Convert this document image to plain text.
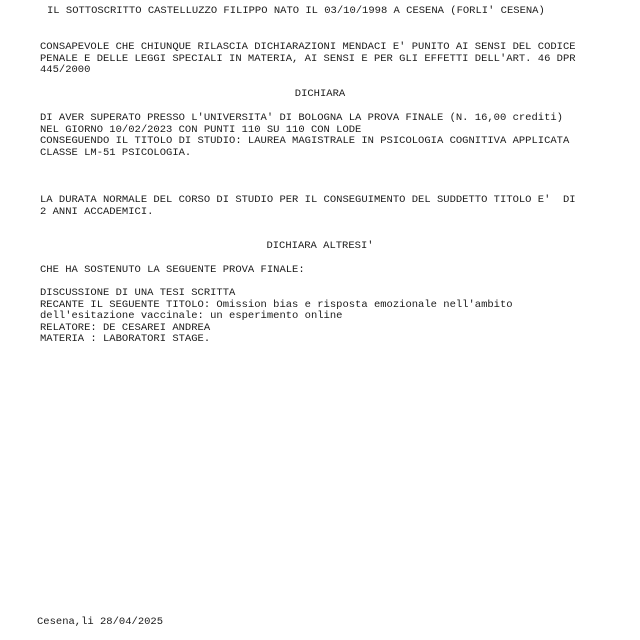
IL SOTTOSCRITTO CASTELLUZZO FILIPPO NATO IL 03/10/1998 A CESENA (FORLI' CESENA)
CONSAPEVOLE CHE CHIUNQUE RILASCIA DICHIARAZIONI MENDACI E' PUNITO AI SENSI DEL CODICE
PENALE E DELLE LEGGI SPECIALI IN MATERIA, AI SENSI E PER GLI EFFETTI DELL'ART. 46 DPR
445/2000
DICHIARA
DI AVER SUPERATO PRESSO L'UNIVERSITA' DI BOLOGNA LA PROVA FINALE (N. 16,00 crediti)
NEL GIORNO 10/02/2023 CON PUNTI 110 SU 110 CON LODE
CONSEGUENDO IL TITOLO DI STUDIO: LAUREA MAGISTRALE IN PSICOLOGIA COGNITIVA APPLICATA
CLASSE LM-51 PSICOLOGIA.
LA DURATA NORMALE DEL CORSO DI STUDIO PER IL CONSEGUIMENTO DEL SUDDETTO TITOLO E'  DI
2 ANNI ACCADEMICI.
DICHIARA ALTRESI'
CHE HA SOSTENUTO LA SEGUENTE PROVA FINALE:
DISCUSSIONE DI UNA TESI SCRITTA
RECANTE IL SEGUENTE TITOLO: Omission bias e risposta emozionale nell'ambito
dell'esitazione vaccinale: un esperimento online
RELATORE: DE CESAREI ANDREA
MATERIA : LABORATORI STAGE.
Cesena,li 28/04/2025
